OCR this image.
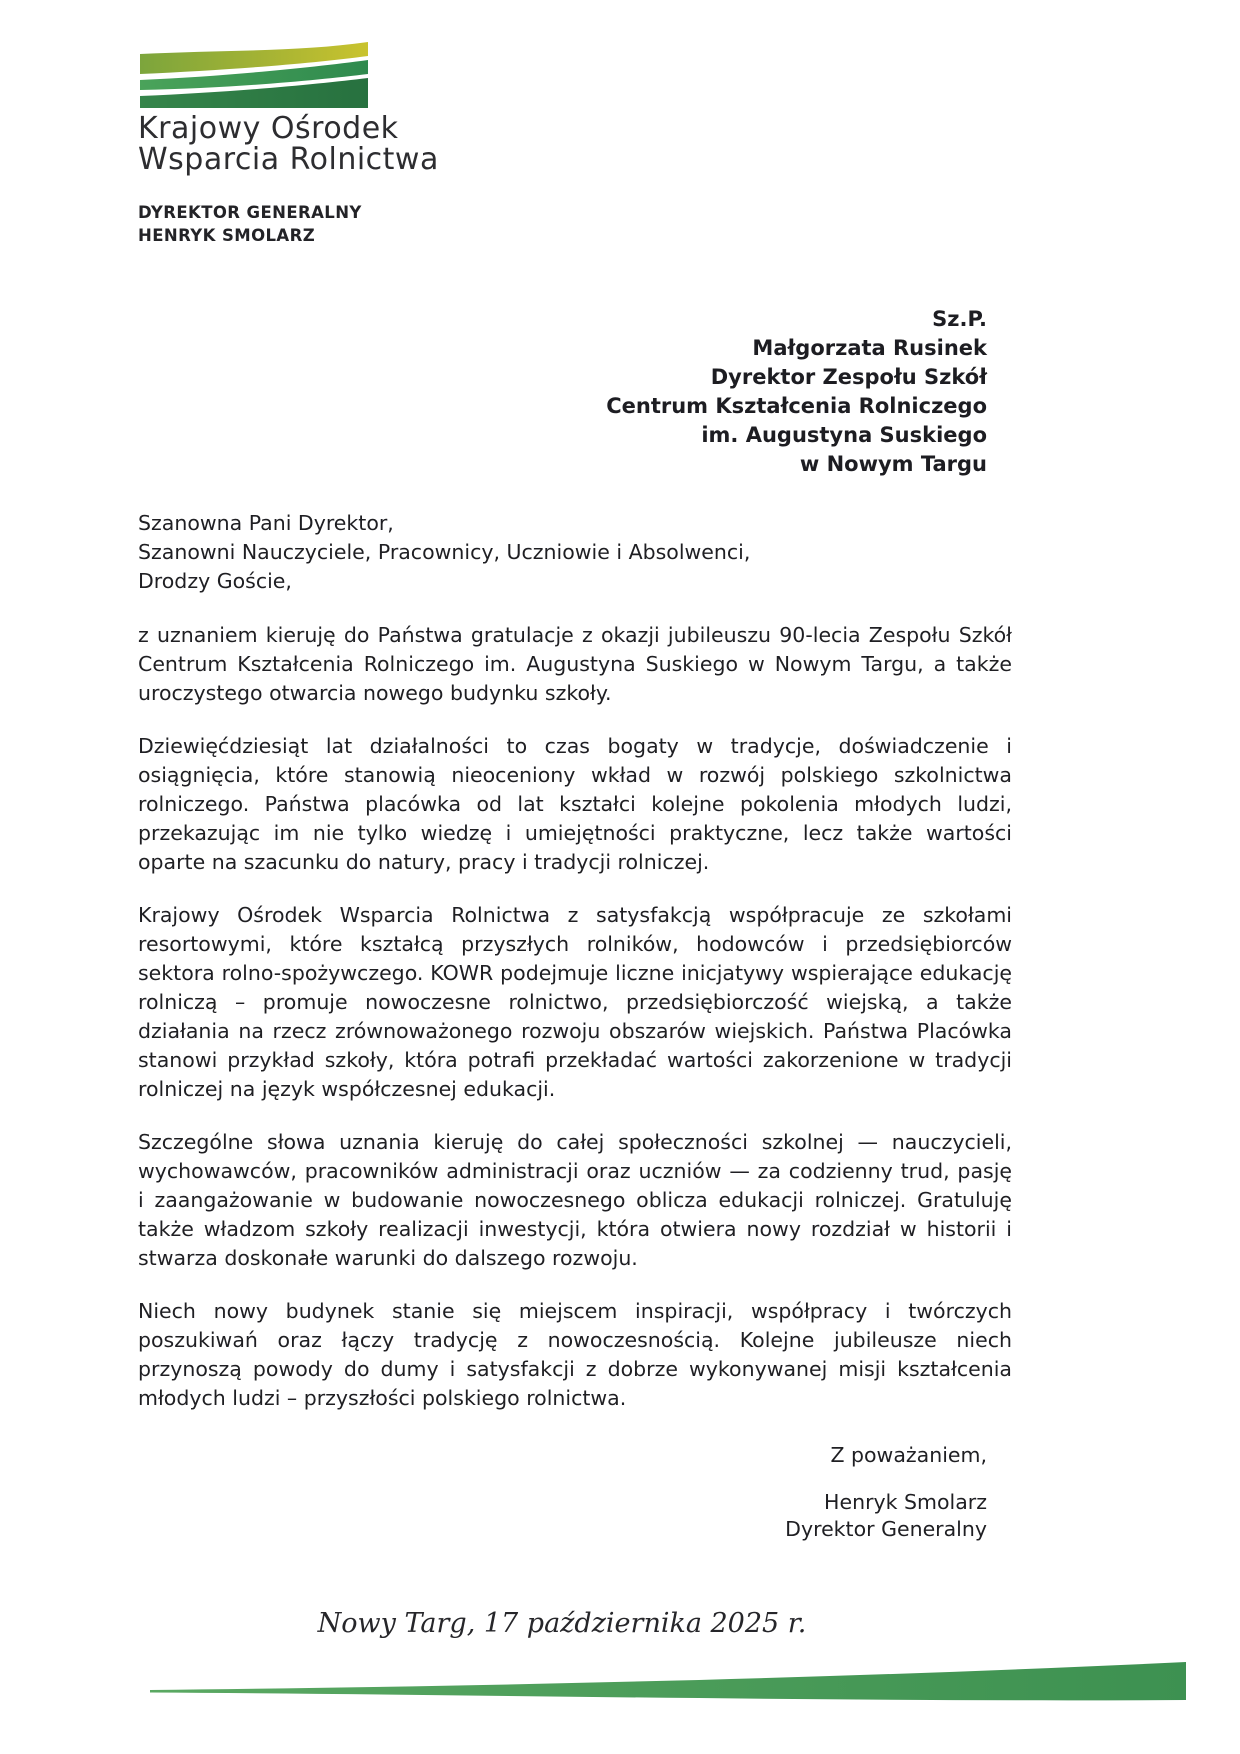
Krajowy Ośrodek
Wsparcia Rolnictwa
DYREKTOR GENERALNY
HENRYK SMOLARZ
Sz.P.
Małgorzata Rusinek
Dyrektor Zespołu Szkół
Centrum Kształcenia Rolniczego
im. Augustyna Suskiego
w Nowym Targu
Szanowna Pani Dyrektor,
Szanowni Nauczyciele, Pracownicy, Uczniowie i Absolwenci,
Drodzy Goście,

z uznaniem kieruję do Państwa gratulacje z okazji jubileuszu 90-lecia Zespołu Szkół Centrum Kształcenia Rolniczego im. Augustyna Suskiego w Nowym Targu, a także uroczystego otwarcia nowego budynku szkoły.

Dziewięćdziesiąt lat działalności to czas bogaty w tradycje, doświadczenie i osiągnięcia, które stanowią nieoceniony wkład w rozwój polskiego szkolnictwa rolniczego. Państwa placówka od lat kształci kolejne pokolenia młodych ludzi, przekazując im nie tylko wiedzę i umiejętności praktyczne, lecz także wartości oparte na szacunku do natury, pracy i tradycji rolniczej.

Krajowy Ośrodek Wsparcia Rolnictwa z satysfakcją współpracuje ze szkołami resortowymi, które kształcą przyszłych rolników, hodowców i przedsiębiorców sektora rolno-spożywczego. KOWR podejmuje liczne inicjatywy wspierające edukację rolniczą – promuje nowoczesne rolnictwo, przedsiębiorczość wiejską, a także działania na rzecz zrównoważonego rozwoju obszarów wiejskich. Państwa Placówka stanowi przykład szkoły, która potrafi przekładać wartości zakorzenione w tradycji rolniczej na język współczesnej edukacji.

Szczególne słowa uznania kieruję do całej społeczności szkolnej — nauczycieli, wychowawców, pracowników administracji oraz uczniów — za codzienny trud, pasję i zaangażowanie w budowanie nowoczesnego oblicza edukacji rolniczej. Gratuluję także władzom szkoły realizacji inwestycji, która otwiera nowy rozdział w historii i stwarza doskonałe warunki do dalszego rozwoju.

Niech nowy budynek stanie się miejscem inspiracji, współpracy i twórczych poszukiwań oraz łączy tradycję z nowoczesnością. Kolejne jubileusze niech przynoszą powody do dumy i satysfakcji z dobrze wykonywanej misji kształcenia młodych ludzi – przyszłości polskiego rolnictwa.

Z poważaniem,
Henryk Smolarz
Dyrektor Generalny
Nowy Targ, 17 października 2025 r.
